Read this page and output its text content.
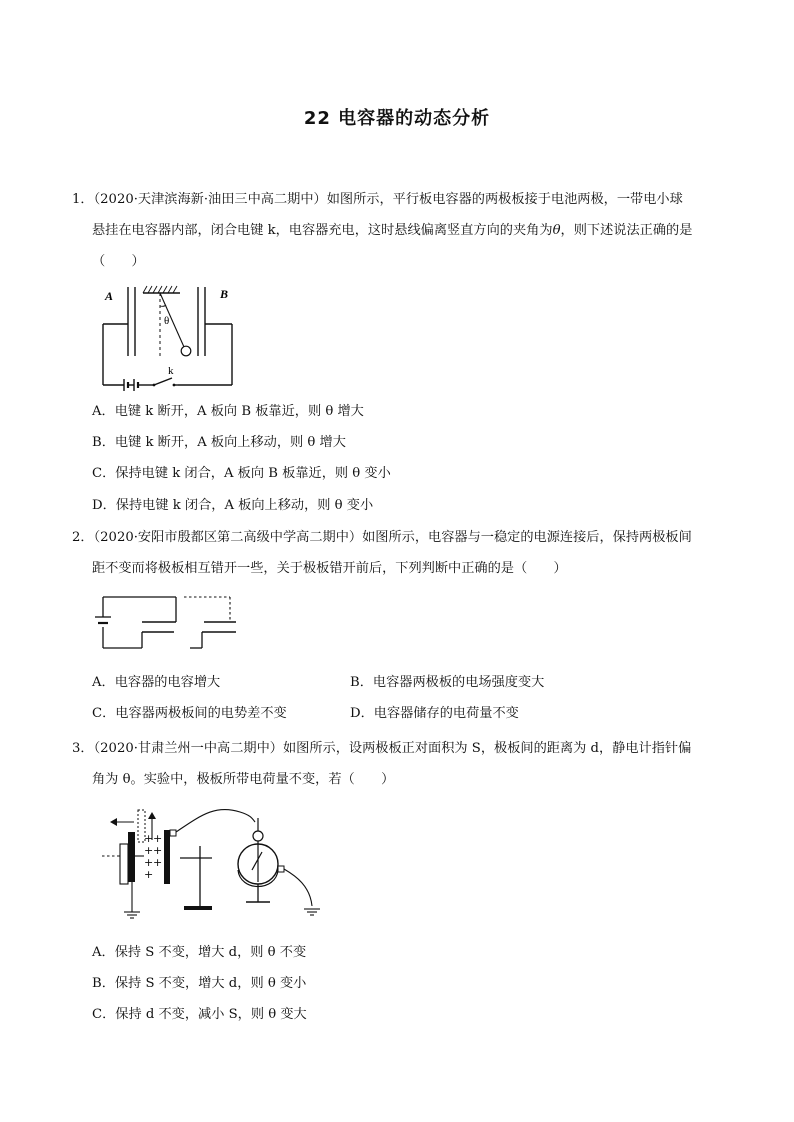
22 电容器的动态分析
1．（2020·天津滨海新·油田三中高二期中）如图所示，平行板电容器的两极板接于电池两极，一带电小球
悬挂在电容器内部，闭合电键 k，电容器充电，这时悬线偏离竖直方向的夹角为θ，则下述说法正确的是
（　　）
A	B
θ
k
A．电键 k 断开，A 板向 B 板靠近，则 θ 增大
B．电键 k 断开，A 板向上移动，则 θ 增大
C．保持电键 k 闭合，A 板向 B 板靠近，则 θ 变小
D．保持电键 k 闭合，A 板向上移动，则 θ 变小
2．（2020·安阳市殷都区第二高级中学高二期中）如图所示，电容器与一稳定的电源连接后，保持两极板间
距不变而将极板相互错开一些，关于极板错开前后，下列判断中正确的是（　　）
A．电容器的电容增大	B．电容器两极板的电场强度变大
C．电容器两极板间的电势差不变	D．电容器储存的电荷量不变
3．（2020·甘肃兰州一中高二期中）如图所示，设两极板正对面积为 S，极板间的距离为 d，静电计指针偏
角为 θ。实验中，极板所带电荷量不变，若（　　）
+ +
+ +
+ +
+
A．保持 S 不变，增大 d，则 θ 不变
B．保持 S 不变，增大 d，则 θ 变小
C．保持 d 不变，减小 S，则 θ 变大
